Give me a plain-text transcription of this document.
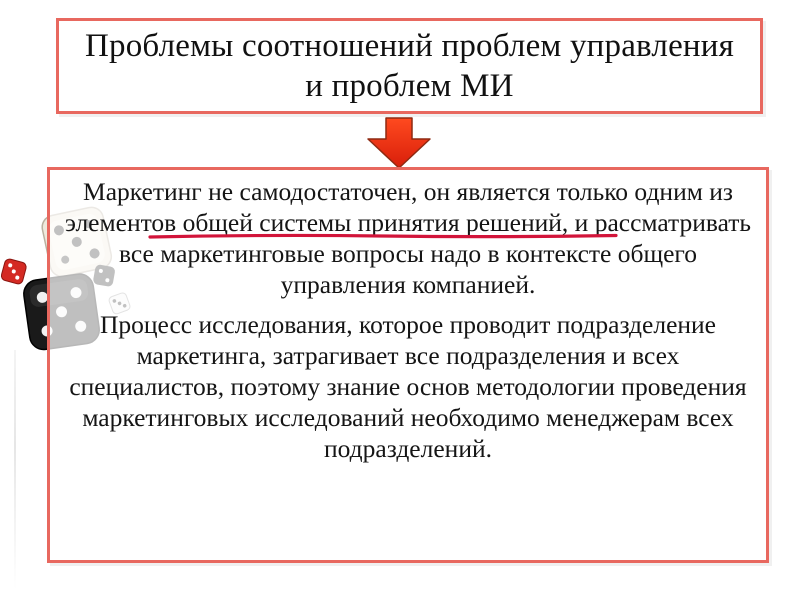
Проблемы соотношений проблем управления
и проблем МИ

Маркетинг не самодостаточен, он является только одним из элементов общей системы принятия решений, и рассматривать все маркетинговые вопросы надо в контексте общего управления компанией.

Процесс исследования, которое проводит подразделение маркетинга, затрагивает все подразделения и всех специалистов, поэтому знание основ методологии проведения маркетинговых исследований необходимо менеджерам всех подразделений.
